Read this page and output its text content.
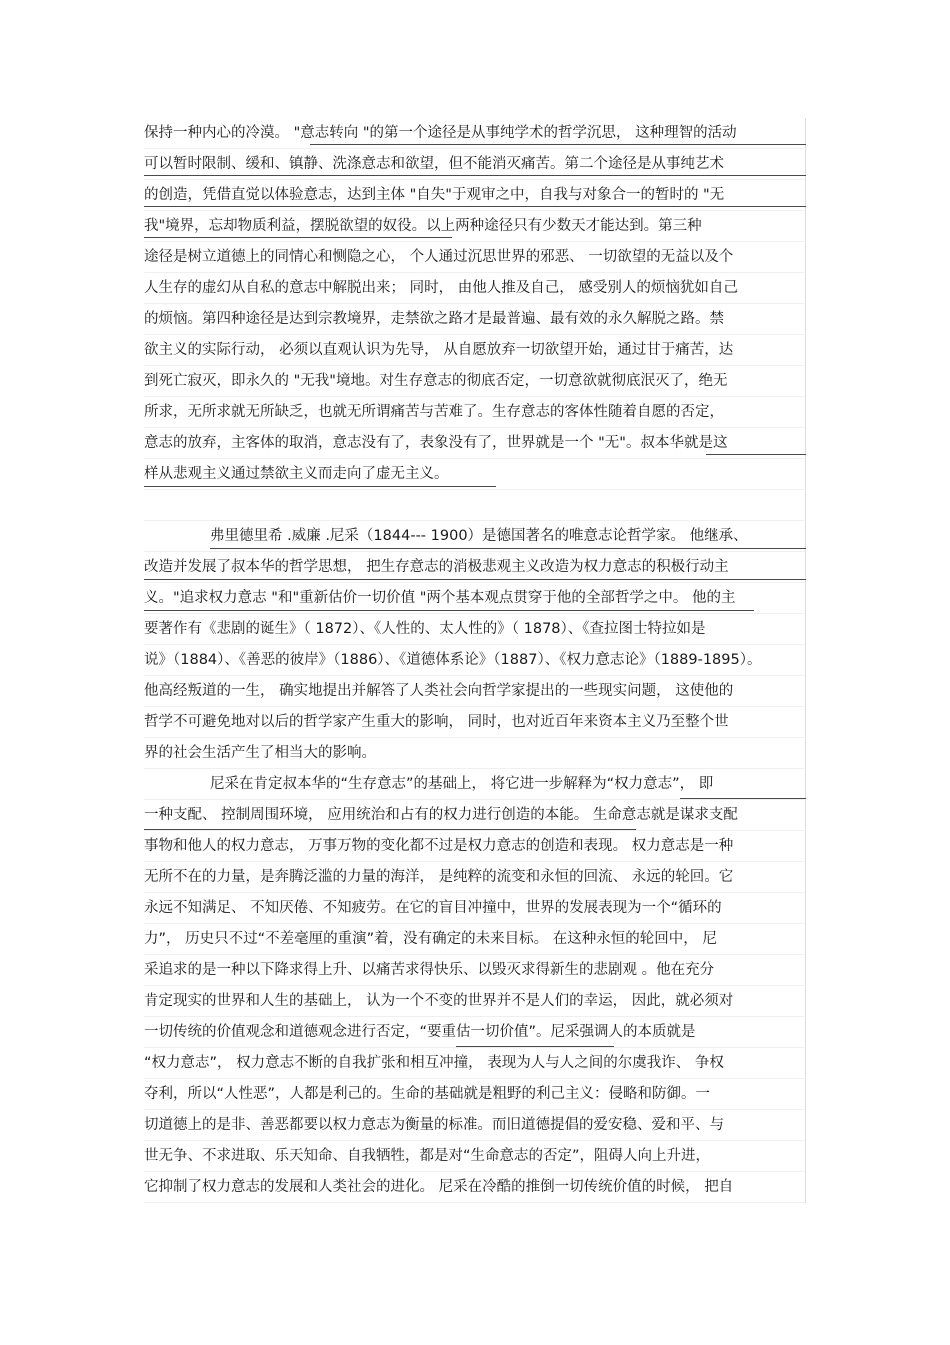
保持一种内心的冷漠。 "意志转向 "的第一个途径是从事纯学术的哲学沉思， 这种理智的活动
可以暂时限制、缓和、镇静、洗涤意志和欲望，但不能消灭痛苦。第二个途径是从事纯艺术
的创造，凭借直觉以体验意志，达到主体 "自失"于观审之中，自我与对象合一的暂时的 "无
我"境界，忘却物质利益，摆脱欲望的奴役。以上两种途径只有少数天才能达到。第三种
途径是树立道德上的同情心和恻隐之心， 个人通过沉思世界的邪恶、 一切欲望的无益以及个
人生存的虚幻从自私的意志中解脱出来； 同时， 由他人推及自己， 感受别人的烦恼犹如自己
的烦恼。第四种途径是达到宗教境界，走禁欲之路才是最普遍、最有效的永久解脱之路。禁
欲主义的实际行动， 必须以直观认识为先导， 从自愿放弃一切欲望开始，通过甘于痛苦，达
到死亡寂灭，即永久的 "无我"境地。对生存意志的彻底否定，一切意欲就彻底泯灭了，绝无
所求，无所求就无所缺乏，也就无所谓痛苦与苦难了。生存意志的客体性随着自愿的否定，
意志的放弃，主客体的取消，意志没有了，表象没有了，世界就是一个 "无"。叔本华就是这
样从悲观主义通过禁欲主义而走向了虚无主义。
弗里德里希 .威廉 .尼采（1844--- 1900）是德国著名的唯意志论哲学家。 他继承、
改造并发展了叔本华的哲学思想， 把生存意志的消极悲观主义改造为权力意志的积极行动主
义。"追求权力意志 "和"重新估价一切价值 "两个基本观点贯穿于他的全部哲学之中。 他的主
要著作有《悲剧的诞生》（ 1872）、《人性的、太人性的》（ 1878）、《查拉图士特拉如是
说》（1884）、《善恶的彼岸》（1886）、《道德体系论》（1887）、《权力意志论》（1889-1895）。
他高经叛道的一生， 确实地提出并解答了人类社会向哲学家提出的一些现实问题， 这使他的
哲学不可避免地对以后的哲学家产生重大的影响， 同时，也对近百年来资本主义乃至整个世
界的社会生活产生了相当大的影响。
尼采在肯定叔本华的“生存意志”的基础上， 将它进一步解释为“权力意志”， 即
一种支配、 控制周围环境， 应用统治和占有的权力进行创造的本能。 生命意志就是谋求支配
事物和他人的权力意志， 万事万物的变化都不过是权力意志的创造和表现。 权力意志是一种
无所不在的力量，是奔腾泛滥的力量的海洋， 是纯粹的流变和永恒的回流、 永远的轮回。它
永远不知满足、 不知厌倦、不知疲劳。在它的盲目冲撞中，世界的发展表现为一个“循环的
力”， 历史只不过“不差毫厘的重演”着，没有确定的未来目标。 在这种永恒的轮回中， 尼
采追求的是一种以下降求得上升、以痛苦求得快乐、以毁灭求得新生的悲剧观 。他在充分
肯定现实的世界和人生的基础上， 认为一个不变的世界并不是人们的幸运， 因此，就必须对
一切传统的价值观念和道德观念进行否定，“要重估一切价值”。尼采强调人的本质就是
“权力意志”， 权力意志不断的自我扩张和相互冲撞， 表现为人与人之间的尔虞我诈、 争权
夺利，所以“人性恶”，人都是利己的。生命的基础就是粗野的利己主义：侵略和防御。一
切道德上的是非、善恶都要以权力意志为衡量的标准。而旧道德提倡的爱安稳、爱和平、与
世无争、不求进取、乐天知命、自我牺牲，都是对“生命意志的否定”，阻碍人向上升进，
它抑制了权力意志的发展和人类社会的进化。 尼采在冷酷的推倒一切传统价值的时候， 把自
